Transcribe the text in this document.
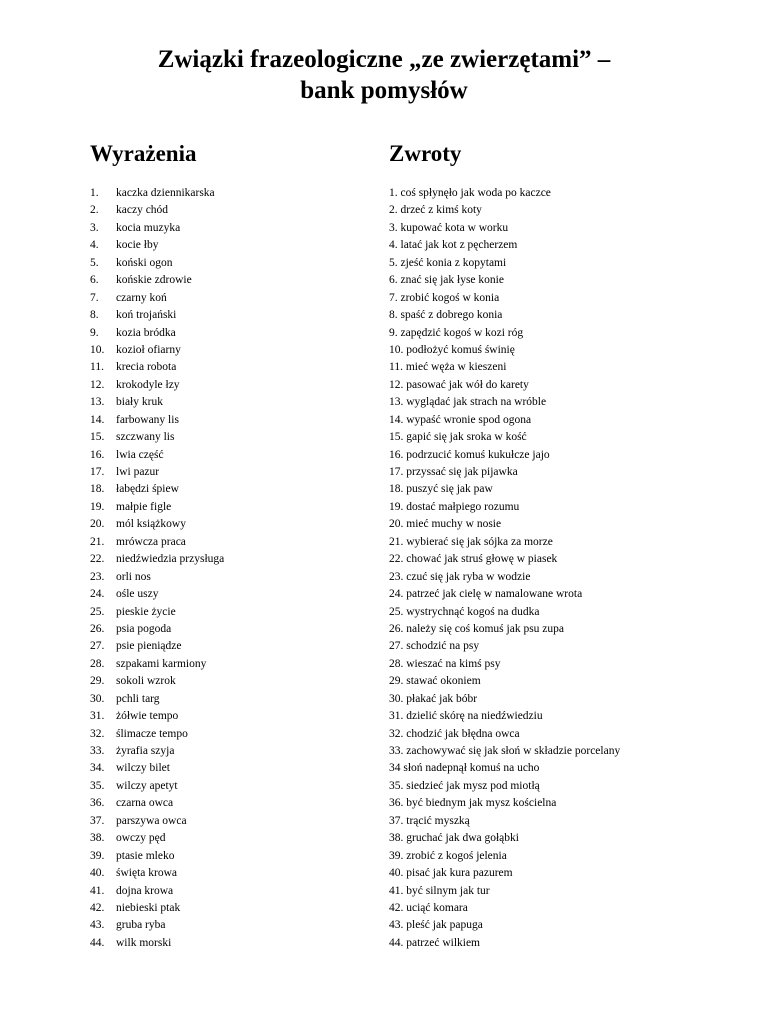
Związki frazeologiczne „ze zwierzętami” –
bank pomysłów
Wyrażenia	Zwroty
1. kaczka dziennikarska
2. kaczy chód
3. kocia muzyka
4. kocie łby
5. koński ogon
6. końskie zdrowie
7. czarny koń
8. koń trojański
9. kozia bródka
10. kozioł ofiarny
11. krecia robota
12. krokodyle łzy
13. biały kruk
14. farbowany lis
15. szczwany lis
16. lwia część
17. lwi pazur
18. łabędzi śpiew
19. małpie figle
20. mól książkowy
21. mrówcza praca
22. niedźwiedzia przysługa
23. orli nos
24. ośle uszy
25. pieskie życie
26. psia pogoda
27. psie pieniądze
28. szpakami karmiony
29. sokoli wzrok
30. pchli targ
31. żółwie tempo
32. ślimacze tempo
33. żyrafia szyja
34. wilczy bilet
35. wilczy apetyt
36. czarna owca
37. parszywa owca
38. owczy pęd
39. ptasie mleko
40. święta krowa
41. dojna krowa
42. niebieski ptak
43. gruba ryba
44. wilk morski
1. coś spłynęło jak woda po kaczce
2. drzeć z kimś koty
3. kupować kota w worku
4. latać jak kot z pęcherzem
5. zjeść konia z kopytami
6. znać się jak łyse konie
7. zrobić kogoś w konia
8. spaść z dobrego konia
9. zapędzić kogoś w kozi róg
10. podłożyć komuś świnię
11. mieć węża w kieszeni
12. pasować jak wół do karety
13. wyglądać jak strach na wróble
14. wypaść wronie spod ogona
15. gapić się jak sroka w kość
16. podrzucić komuś kukułcze jajo
17. przyssać się jak pijawka
18. puszyć się jak paw
19. dostać małpiego rozumu
20. mieć muchy w nosie
21. wybierać się jak sójka za morze
22. chować jak struś głowę w piasek
23. czuć się jak ryba w wodzie
24. patrzeć jak cielę w namalowane wrota
25. wystrychnąć kogoś na dudka
26. należy się coś komuś jak psu zupa
27. schodzić na psy
28. wieszać na kimś psy
29. stawać okoniem
30. płakać jak bóbr
31. dzielić skórę na niedźwiedziu
32. chodzić jak błędna owca
33. zachowywać się jak słoń w składzie porcelany
34 słoń nadepnął komuś na ucho
35. siedzieć jak mysz pod miotłą
36. być biednym jak mysz kościelna
37. trącić myszką
38. gruchać jak dwa gołąbki
39. zrobić z kogoś jelenia
40. pisać jak kura pazurem
41. być silnym jak tur
42. uciąć komara
43. pleść jak papuga
44. patrzeć wilkiem
